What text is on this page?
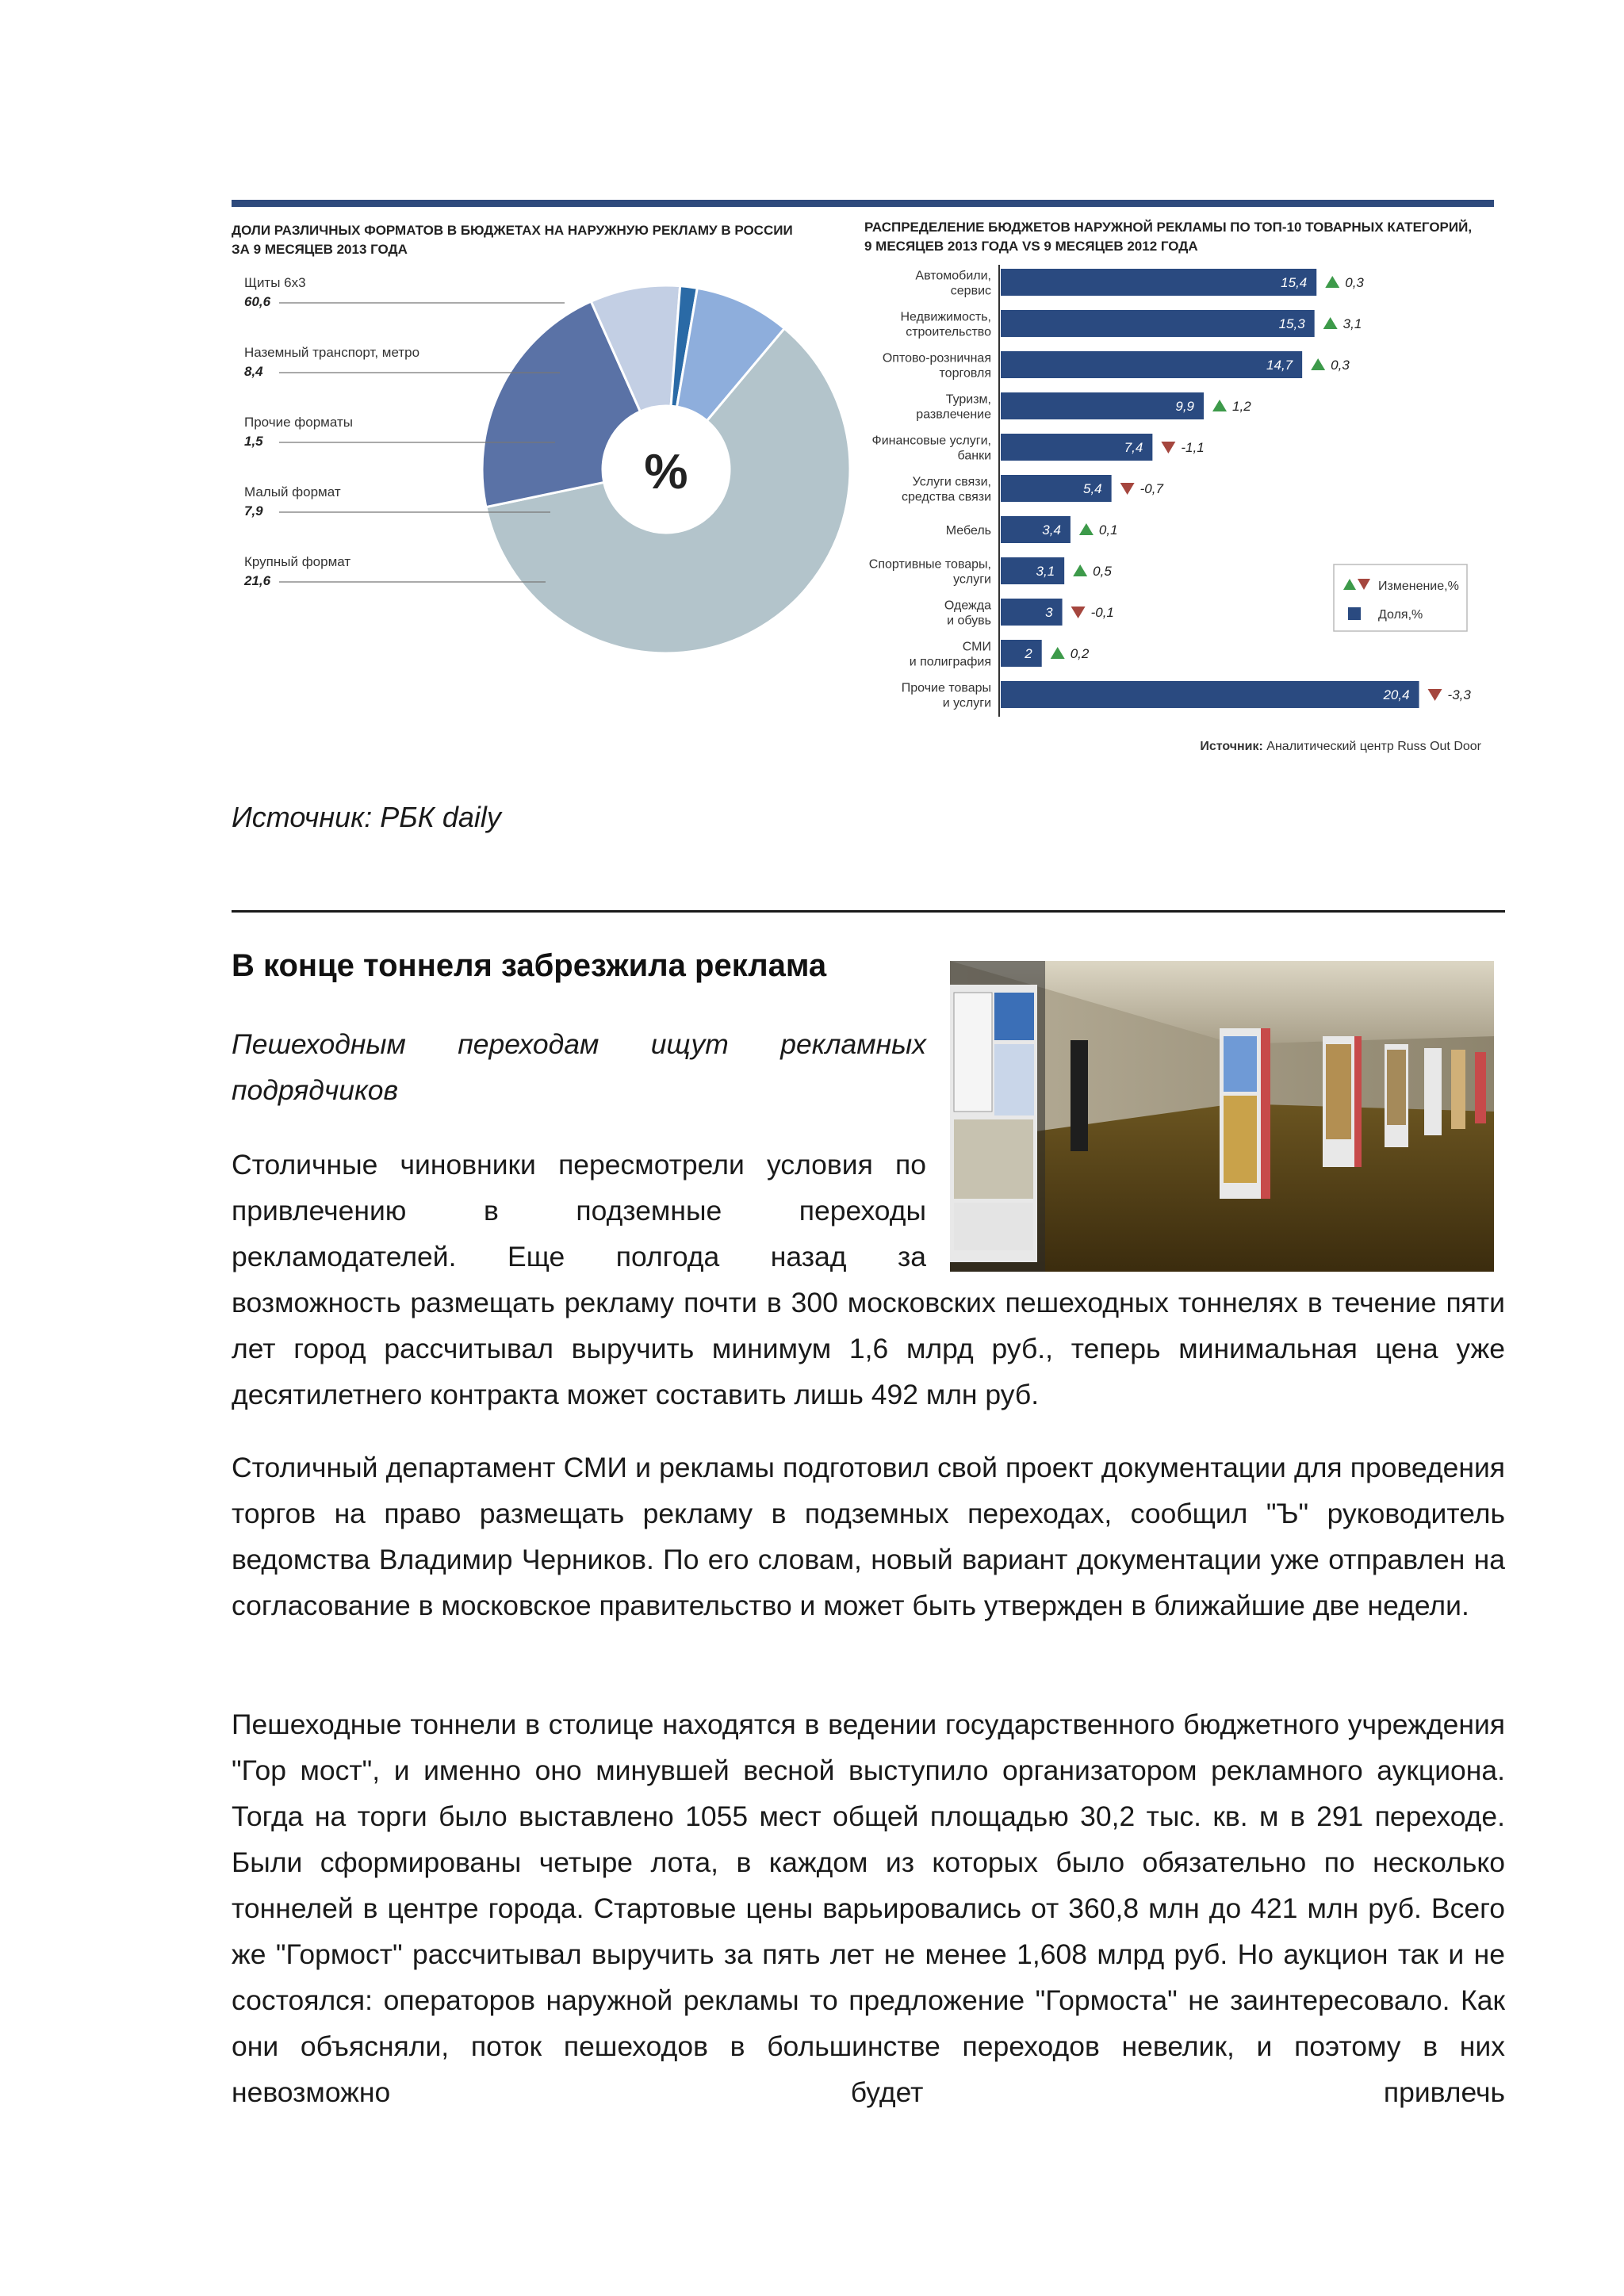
ДОЛИ РАЗЛИЧНЫХ ФОРМАТОВ В БЮДЖЕТАХ НА НАРУЖНУЮ РЕКЛАМУ В РОССИИ
ЗА 9 МЕСЯЦЕВ 2013 ГОДА
РАСПРЕДЕЛЕНИЕ БЮДЖЕТОВ НАРУЖНОЙ РЕКЛАМЫ ПО ТОП-10 ТОВАРНЫХ КАТЕГОРИЙ,
9 МЕСЯЦЕВ 2013 ГОДА VS 9 МЕСЯЦЕВ 2012 ГОДА
%
Щиты 6x3
60,6
Наземный транспорт, метро
8,4
Прочие форматы
1,5
Малый формат
7,9
Крупный формат
21,6
15,4
Автомобили,
сервис
0,3
15,3
Недвижимость,
строительство
3,1
14,7
Оптово-розничная
торговля
0,3
9,9
Туризм,
развлечение
1,2
7,4
Финансовые услуги,
банки
-1,1
5,4
Услуги связи,
средства связи
-0,7
3,4
Мебель	0,1
3,1
Спортивные товары,
услуги
0,5
3
Одежда
и обувь
-0,1
2
СМИ
и полиграфия
0,2
20,4
Прочие товары
и услуги
-3,3
Изменение,%
Доля,%
Источник: Аналитический центр Russ Out Door
Источник: РБК daily
В конце тоннеля забрезжила реклама

Пешеходным переходам ищут рекламных подрядчиков

Столичные чиновники пересмотрели условия по привлечению в подземные переходы рекламодателей. Еще полгода назад за

возможность размещать рекламу почти в 300 московских пешеходных тоннелях в течение пяти лет город рассчитывал выручить минимум 1,6 млрд руб., теперь минимальная цена уже десятилетнего контракта может составить лишь 492 млн руб.

Столичный департамент СМИ и рекламы подготовил свой проект документации для проведения торгов на право размещать рекламу в подземных переходах, сообщил "Ъ" руководитель ведомства Владимир Черников. По его словам, новый вариант документации уже отправлен на согласование в московское правительство и может быть утвержден в ближайшие две недели.

Пешеходные тоннели в столице находятся в ведении государственного бюджетного учреждения "Гор мост", и именно оно минувшей весной выступило организатором рекламного аукциона. Тогда на торги было выставлено 1055 мест общей площадью 30,2 тыс. кв. м в 291 переходе. Были сформированы четыре лота, в каждом из которых было обязательно по несколько тоннелей в центре города. Стартовые цены варьировались от 360,8 млн до 421 млн руб. Всего же "Гормост" рассчитывал выручить за пять лет не менее 1,608 млрд руб. Но аукцион так и не состоялся: операторов наружной рекламы то предложение "Гормоста" не заинтересовало. Как они объясняли, поток пешеходов в большинстве переходов невелик, и поэтому в них невозможно будет привлечь
